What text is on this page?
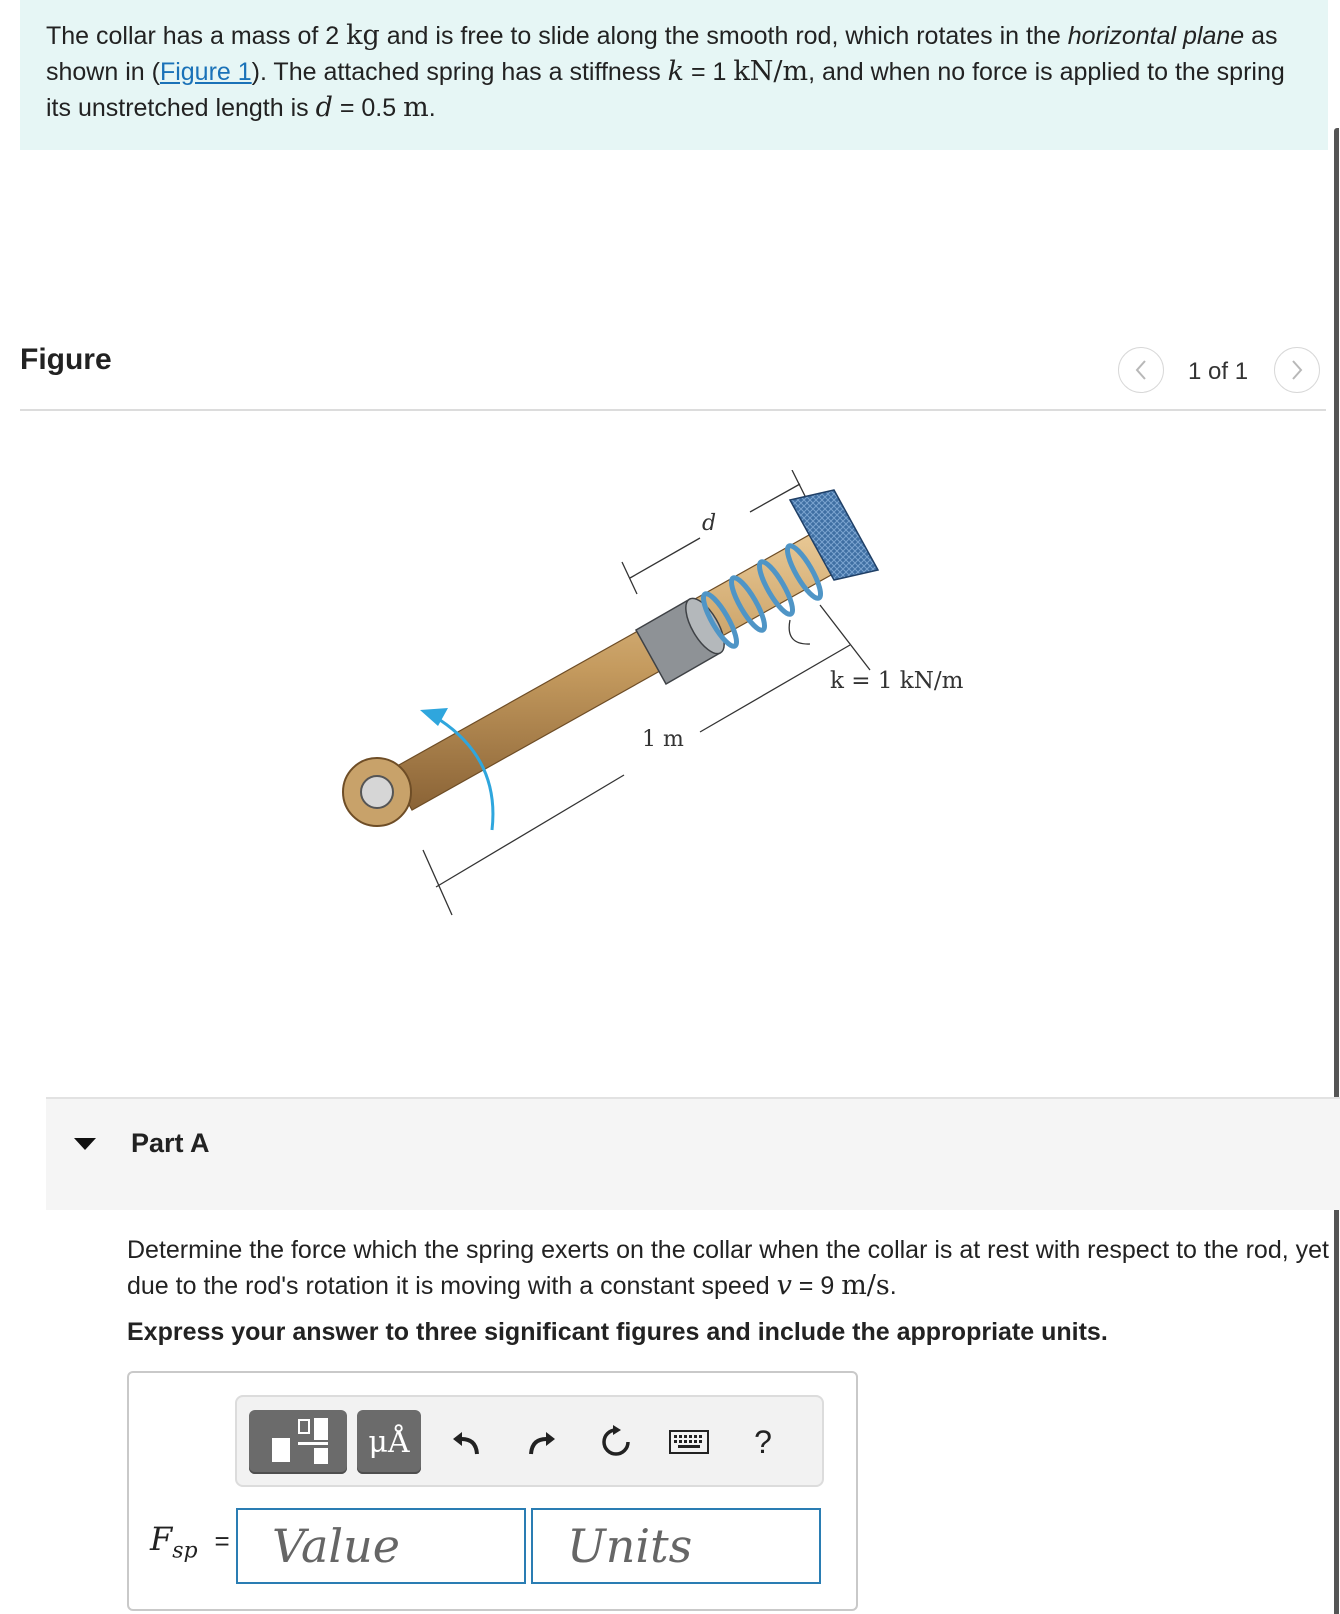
The collar has a mass of 2 kg and is free to slide along the smooth rod, which rotates in the horizontal plane as shown in (Figure 1). The attached spring has a stiffness k = 1 kN/m, and when no force is applied to the spring its unstretched length is d = 0.5 m.
Figure	1 of 1
d
1 m
k = 1 kN/m
Part A
Determine the force which the spring exerts on the collar when the collar is at rest with respect to the rod, yet due to the rod's rotation it is moving with a constant speed v = 9 m/s.
Express your answer to three significant figures and include the appropriate units.
μÅ	?
$F_{sp}$ = Value	Units
